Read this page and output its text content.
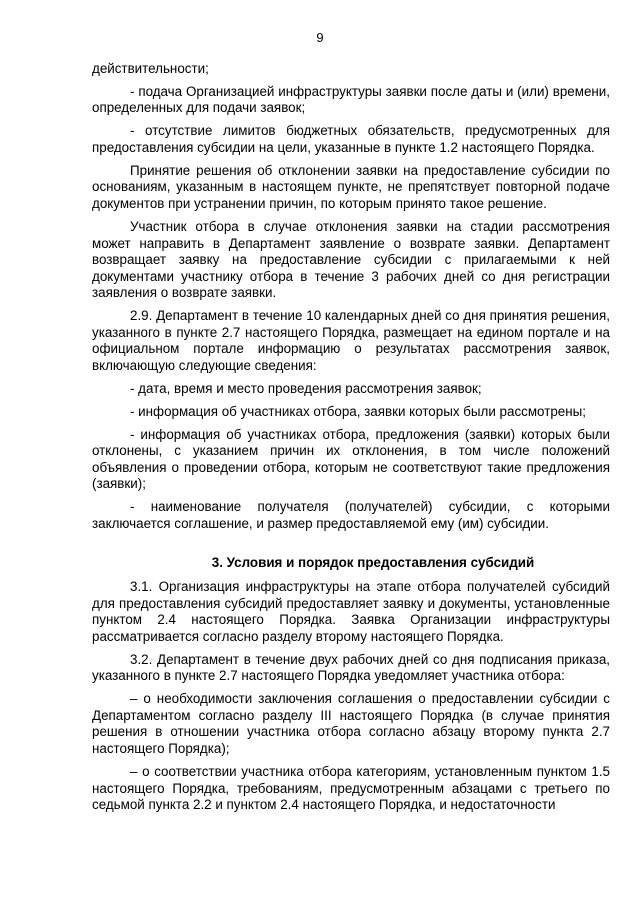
9

действительности;

- подача Организацией инфраструктуры заявки после даты и (или) времени, определенных для подачи заявок;

- отсутствие лимитов бюджетных обязательств, предусмотренных для предоставления субсидии на цели, указанные в пункте 1.2 настоящего Порядка.

Принятие решения об отклонении заявки на предоставление субсидии по основаниям, указанным в настоящем пункте, не препятствует повторной подаче документов при устранении причин, по которым принято такое решение.

Участник отбора в случае отклонения заявки на стадии рассмотрения может направить в Департамент заявление о возврате заявки. Департамент возвращает заявку на предоставление субсидии с прилагаемыми к ней документами участнику отбора в течение 3 рабочих дней со дня регистрации заявления о возврате заявки.

2.9. Департамент в течение 10 календарных дней со дня принятия решения, указанного в пункте 2.7 настоящего Порядка, размещает на едином портале и на официальном портале информацию о результатах рассмотрения заявок, включающую следующие сведения:

- дата, время и место проведения рассмотрения заявок;

- информация об участниках отбора, заявки которых были рассмотрены;

- информация об участниках отбора, предложения (заявки) которых были отклонены, с указанием причин их отклонения, в том числе положений объявления о проведении отбора, которым не соответствуют такие предложения (заявки);

- наименование получателя (получателей) субсидии, с которыми заключается соглашение, и размер предоставляемой ему (им) субсидии.

3. Условия и порядок предоставления субсидий

3.1. Организация инфраструктуры на этапе отбора получателей субсидий для предоставления субсидий предоставляет заявку и документы, установленные пунктом 2.4 настоящего Порядка. Заявка Организации инфраструктуры рассматривается согласно разделу второму настоящего Порядка.

3.2. Департамент в течение двух рабочих дней со дня подписания приказа, указанного в пункте 2.7 настоящего Порядка уведомляет участника отбора:

– о необходимости заключения соглашения о предоставлении субсидии с Департаментом согласно разделу III настоящего Порядка (в случае принятия решения в отношении участника отбора согласно абзацу второму пункта 2.7 настоящего Порядка);

– о соответствии участника отбора категориям, установленным пунктом 1.5 настоящего Порядка, требованиям, предусмотренным абзацами с третьего по седьмой пункта 2.2 и пунктом 2.4 настоящего Порядка, и недостаточности
